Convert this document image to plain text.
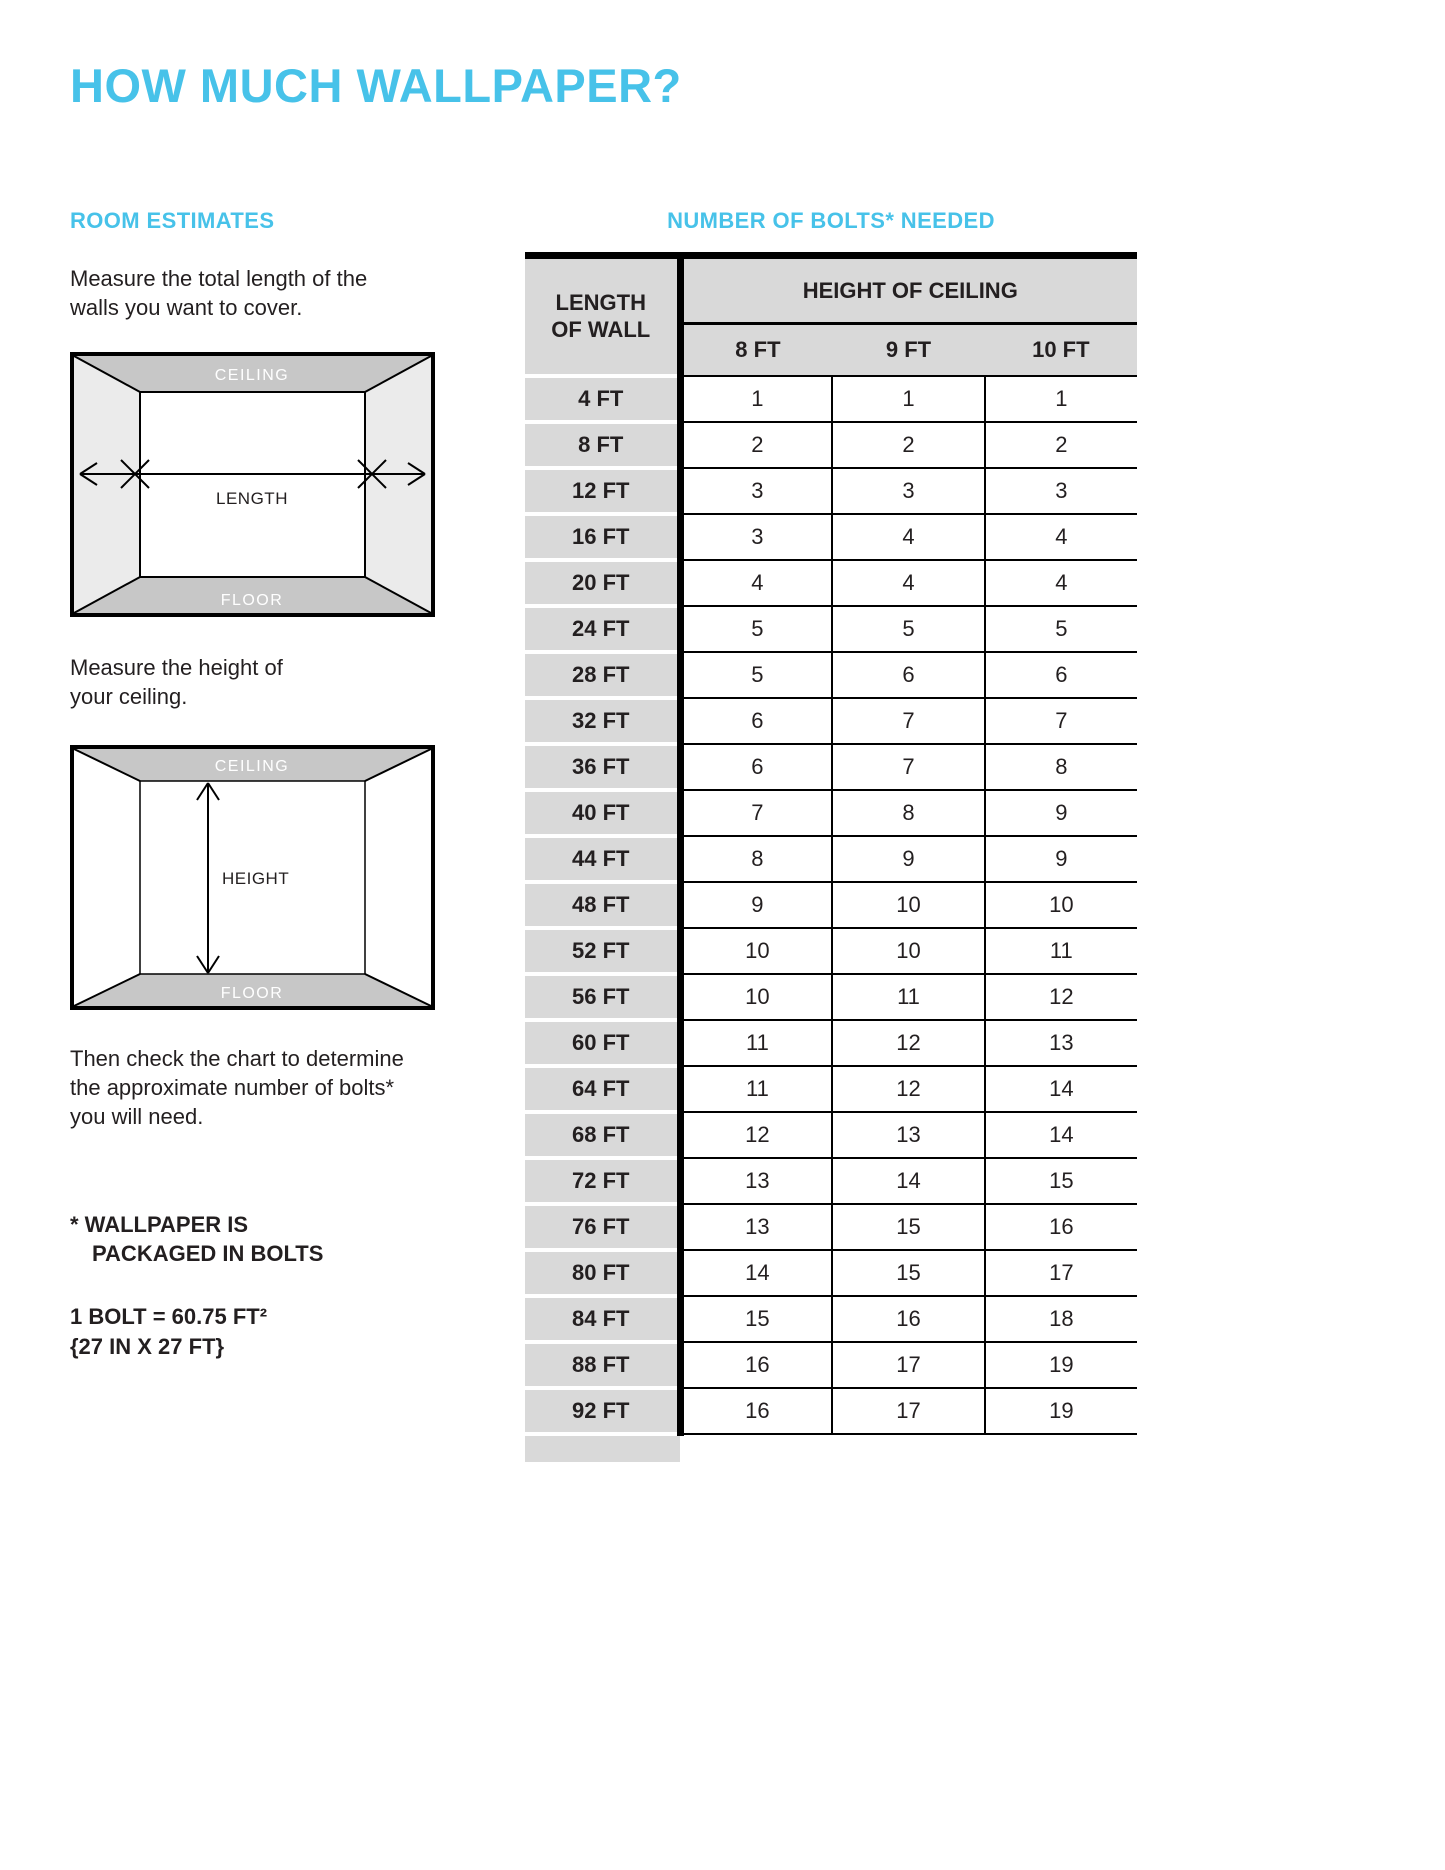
HOW MUCH WALLPAPER?
ROOM ESTIMATES

Measure the total length of the walls you want to cover.

CEILING
FLOOR
LENGTH

Measure the height of your ceiling.

CEILING
FLOOR
HEIGHT

Then check the chart to determine the approximate number of bolts* you will need.

* WALLPAPER IS
PACKAGED IN BOLTS
1 BOLT = 60.75 FT²
{27 IN X 27 FT}
NUMBER OF BOLTS* NEEDED
LENGTH OF WALL	HEIGHT OF CEILING		
	8 FT	9 FT	10 FT
4 FT	1	1	1
8 FT	2	2	2
12 FT	3	3	3
16 FT	3	4	4
20 FT	4	4	4
24 FT	5	5	5
28 FT	5	6	6
32 FT	6	7	7
36 FT	6	7	8
40 FT	7	8	9
44 FT	8	9	9
48 FT	9	10	10
52 FT	10	10	11
56 FT	10	11	12
60 FT	11	12	13
64 FT	11	12	14
68 FT	12	13	14
72 FT	13	14	15
76 FT	13	15	16
80 FT	14	15	17
84 FT	15	16	18
88 FT	16	17	19
92 FT	16	17	19
